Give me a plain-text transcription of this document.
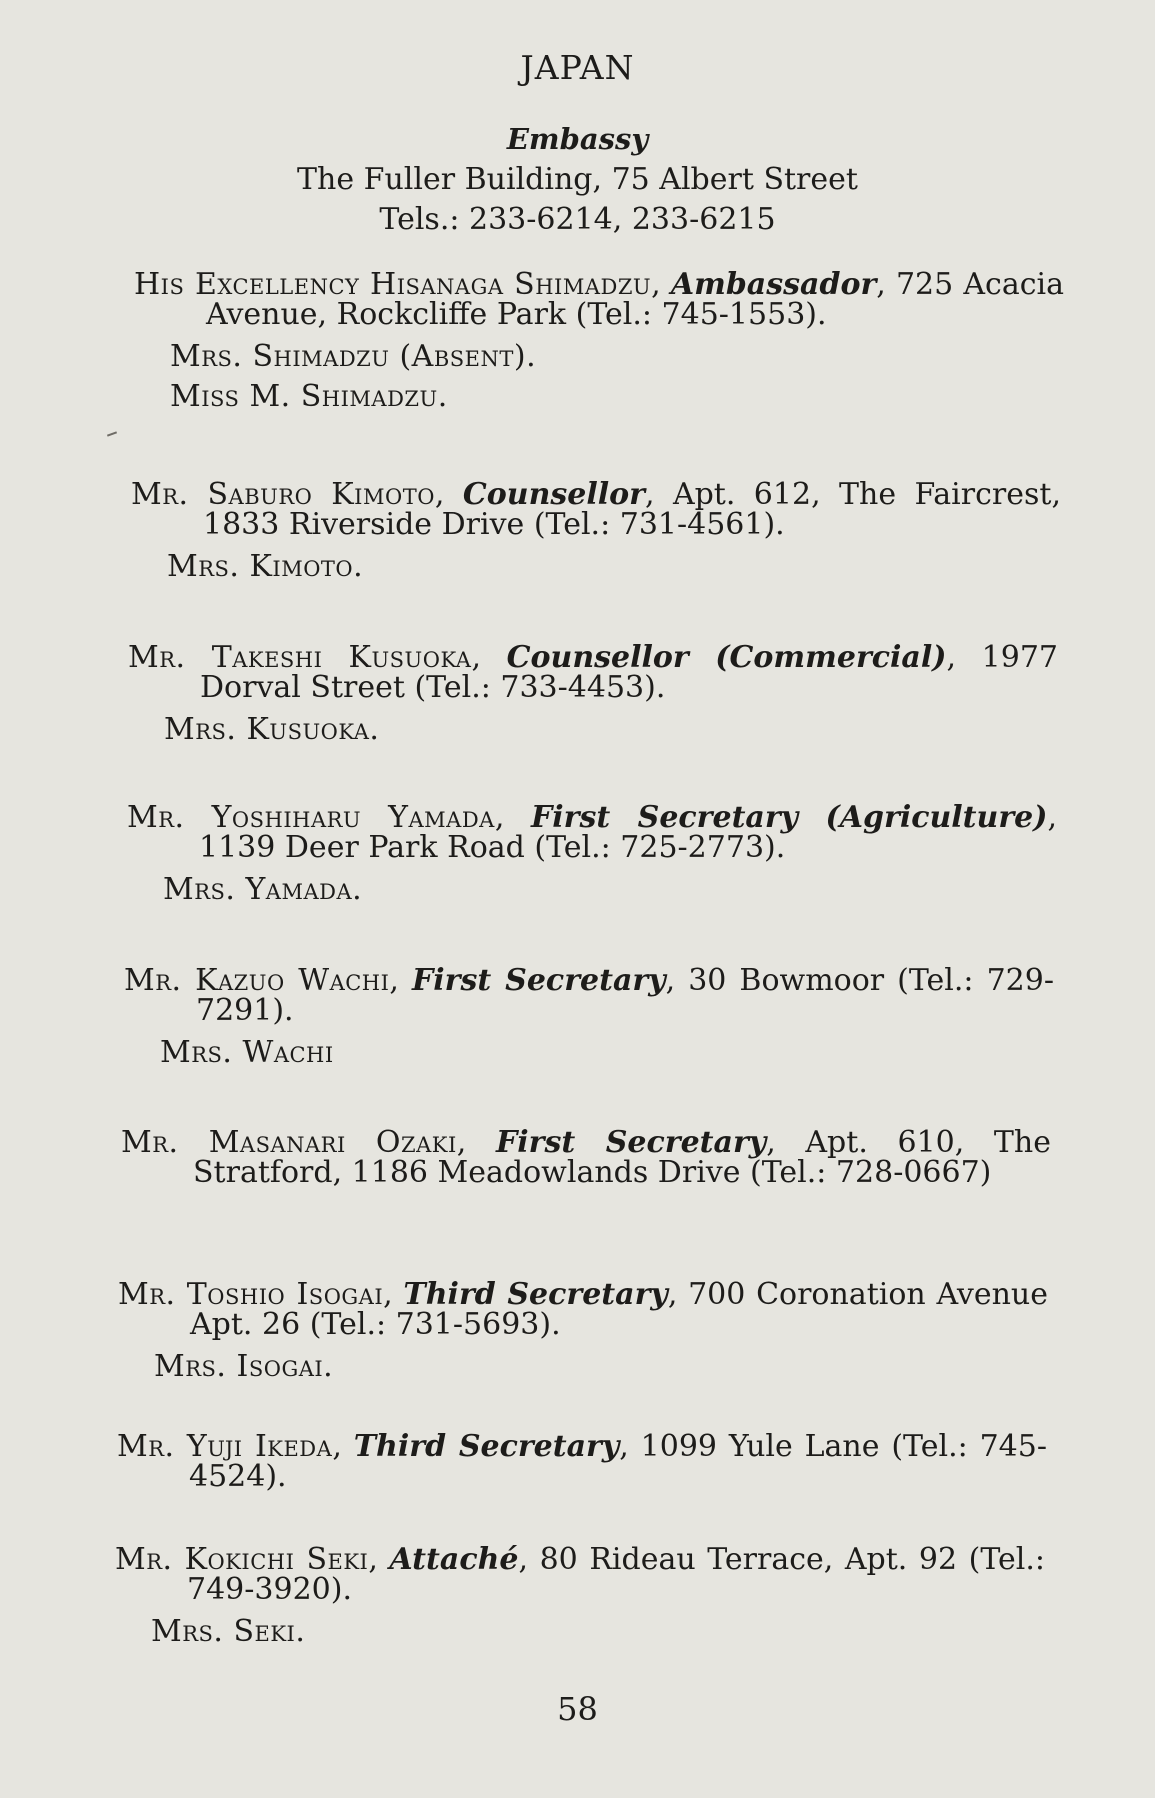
JAPAN
Embassy
The Fuller Building, 75 Albert Street
Tels.: 233-6214, 233-6215
His Excellency Hisanaga Shimadzu, Ambassador, 725 Acacia Avenue, Rockcliffe Park (Tel.: 745-1553).
Mrs. Shimadzu (Absent).
Miss M. Shimadzu.
Mr. Saburo Kimoto, Counsellor, Apt. 612, The Faircrest, 1833 Riverside Drive (Tel.: 731-4561).
Mrs. Kimoto.
Mr. Takeshi Kusuoka, Counsellor (Commercial), 1977 Dorval Street (Tel.: 733-4453).
Mrs. Kusuoka.
Mr. Yoshiharu Yamada, First Secretary (Agriculture), 1139 Deer Park Road (Tel.: 725-2773).
Mrs. Yamada.
Mr. Kazuo Wachi, First Secretary, 30 Bowmoor (Tel.: 729-7291).
Mrs. Wachi
Mr. Masanari Ozaki, First Secretary, Apt. 610, The Stratford, 1186 Meadowlands Drive (Tel.: 728-0667)
Mr. Toshio Isogai, Third Secretary, 700 Coronation Avenue Apt. 26 (Tel.: 731-5693).
Mrs. Isogai.
Mr. Yuji Ikeda, Third Secretary, 1099 Yule Lane (Tel.: 745-4524).
Mr. Kokichi Seki, Attaché, 80 Rideau Terrace, Apt. 92 (Tel.: 749-3920).
Mrs. Seki.
58
